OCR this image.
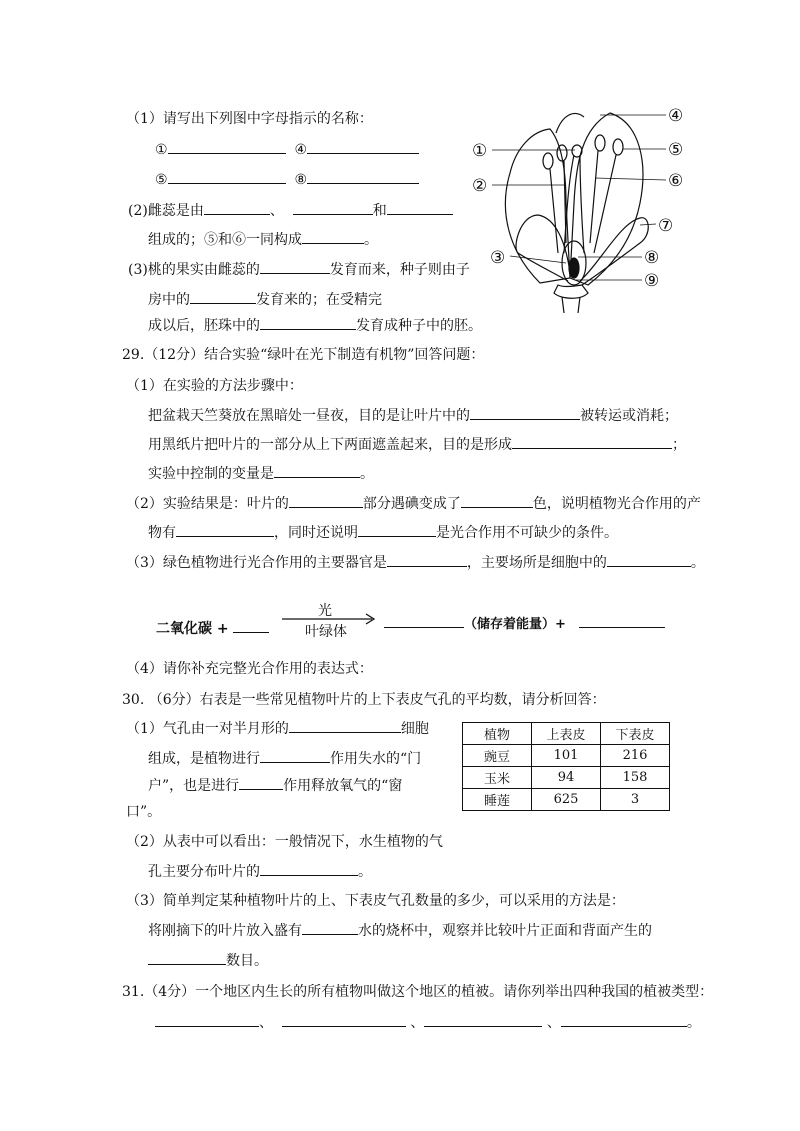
（1）请写出下列图中字母指示的名称：
①	④
⑤	⑧
(2)雌蕊是由	、	和
组成的；⑤和⑥一同构成	。
(3)桃的果实由雌蕊的	发育而来，种子则由子
房中的	发育来的；在受精完
成以后，胚珠中的	发育成种子中的胚。
①
②
③
④
⑤
⑥
⑦
⑧
⑨
29.（12分）结合实验“绿叶在光下制造有机物”回答问题：
（1）在实验的方法步骤中：
把盆栽天竺葵放在黑暗处一昼夜，目的是让叶片中的	被转运或消耗；
用黑纸片把叶片的一部分从上下两面遮盖起来，目的是形成	；
实验中控制的变量是	。
（2）实验结果是：叶片的	部分遇碘变成了	色，说明植物光合作用的产
物有	，同时还说明	是光合作用不可缺少的条件。
（3）绿色植物进行光合作用的主要器官是	，主要场所是细胞中的	。
二氧化碳 +
光
叶绿体	（储存着能量）+
（4）请你补充完整光合作用的表达式：
30. （6分）右表是一些常见植物叶片的上下表皮气孔的平均数，请分析回答：
（1）气孔由一对半月形的	细胞
组成，是植物进行	作用失水的“门
户”，也是进行	作用释放氧气的“窗
口”。
植物	上表皮	下表皮
豌豆	101	216
玉米	94	158
睡莲	625	3
（2）从表中可以看出：一般情况下，水生植物的气
孔主要分布叶片的	。
（3）简单判定某种植物叶片的上、下表皮气孔数量的多少，可以采用的方法是：
将刚摘下的叶片放入盛有	水的烧杯中，观察并比较叶片正面和背面产生的
数目。
31.（4分）一个地区内生长的所有植物叫做这个地区的植被。请你列举出四种我国的植被类型：
、	、	、	。
